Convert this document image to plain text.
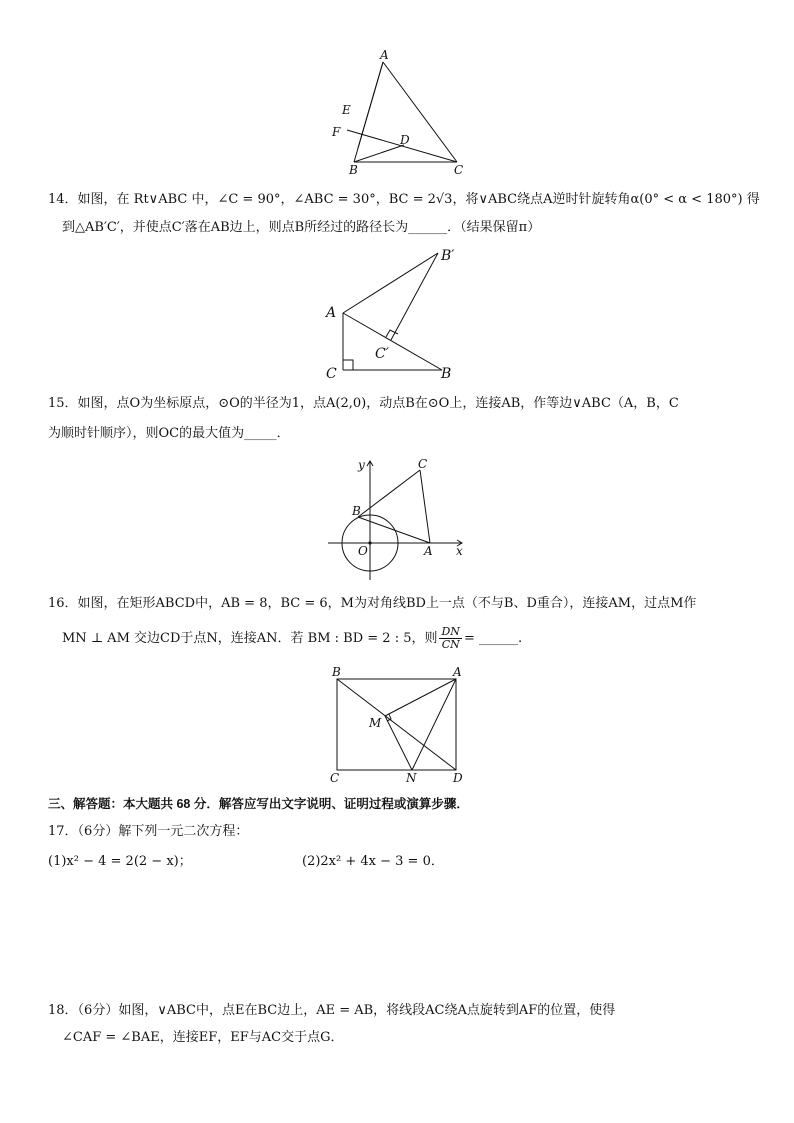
A
E
F
D
B	C
14．如图，在 Rt∨ABC 中，∠C = 90°，∠ABC = 30°，BC = 2√3，将∨ABC绕点A逆时针旋转角α(0° < α < 180°) 得
到△AB′C′，并使点C′落在AB边上，则点B所经过的路径长为______．（结果保留π）
A
C	B
B′
C′
15．如图，点O为坐标原点，⊙O的半径为1，点A(2,0)，动点B在⊙O上，连接AB，作等边∨ABC（A，B，C
为顺时针顺序），则OC的最大值为_____．
y
x
C
B
O	A
16．如图，在矩形ABCD中，AB = 8，BC = 6，M为对角线BD上一点（不与B、D重合），连接AM，过点M作
MN ⊥ AM 交边CD于点N，连接AN．若 BM : BD = 2 : 5，则 $\frac{DN}{CN}$ = ______.
B	A
M
C	N	D
三、解答题：本大题共 68 分．解答应写出文字说明、证明过程或演算步骤．
17．（6分）解下列一元二次方程：
(1)x² − 4 = 2(2 − x)；	(2)2x² + 4x − 3 = 0．
18．（6分）如图，∨ABC中，点E在BC边上，AE = AB，将线段AC绕A点旋转到AF的位置，使得
∠CAF = ∠BAE，连接EF，EF与AC交于点G．
